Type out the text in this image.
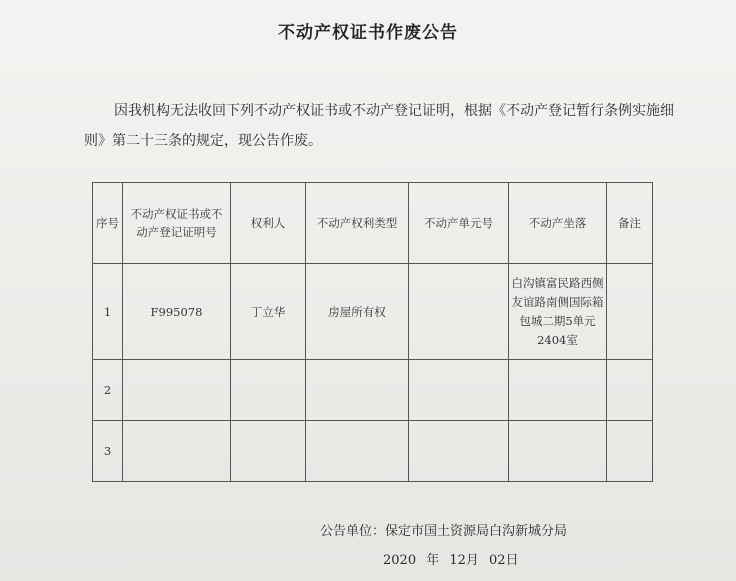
不动产权证书作废公告
因我机构无法收回下列不动产权证书或不动产登记证明，根据《不动产登记暂行条例实施细则》第二十三条的规定，现公告作废。
序号	不动产权证书或不动产登记证明号	权利人	不动产权利类型	不动产单元号	不动产坐落	备注
1	F995078	丁立华	房屋所有权		白沟镇富民路西侧友谊路南侧国际箱包城二期5单元2404室	
2						
3						
公告单位：保定市国土资源局白沟新城分局
2020 年 12月 02日
